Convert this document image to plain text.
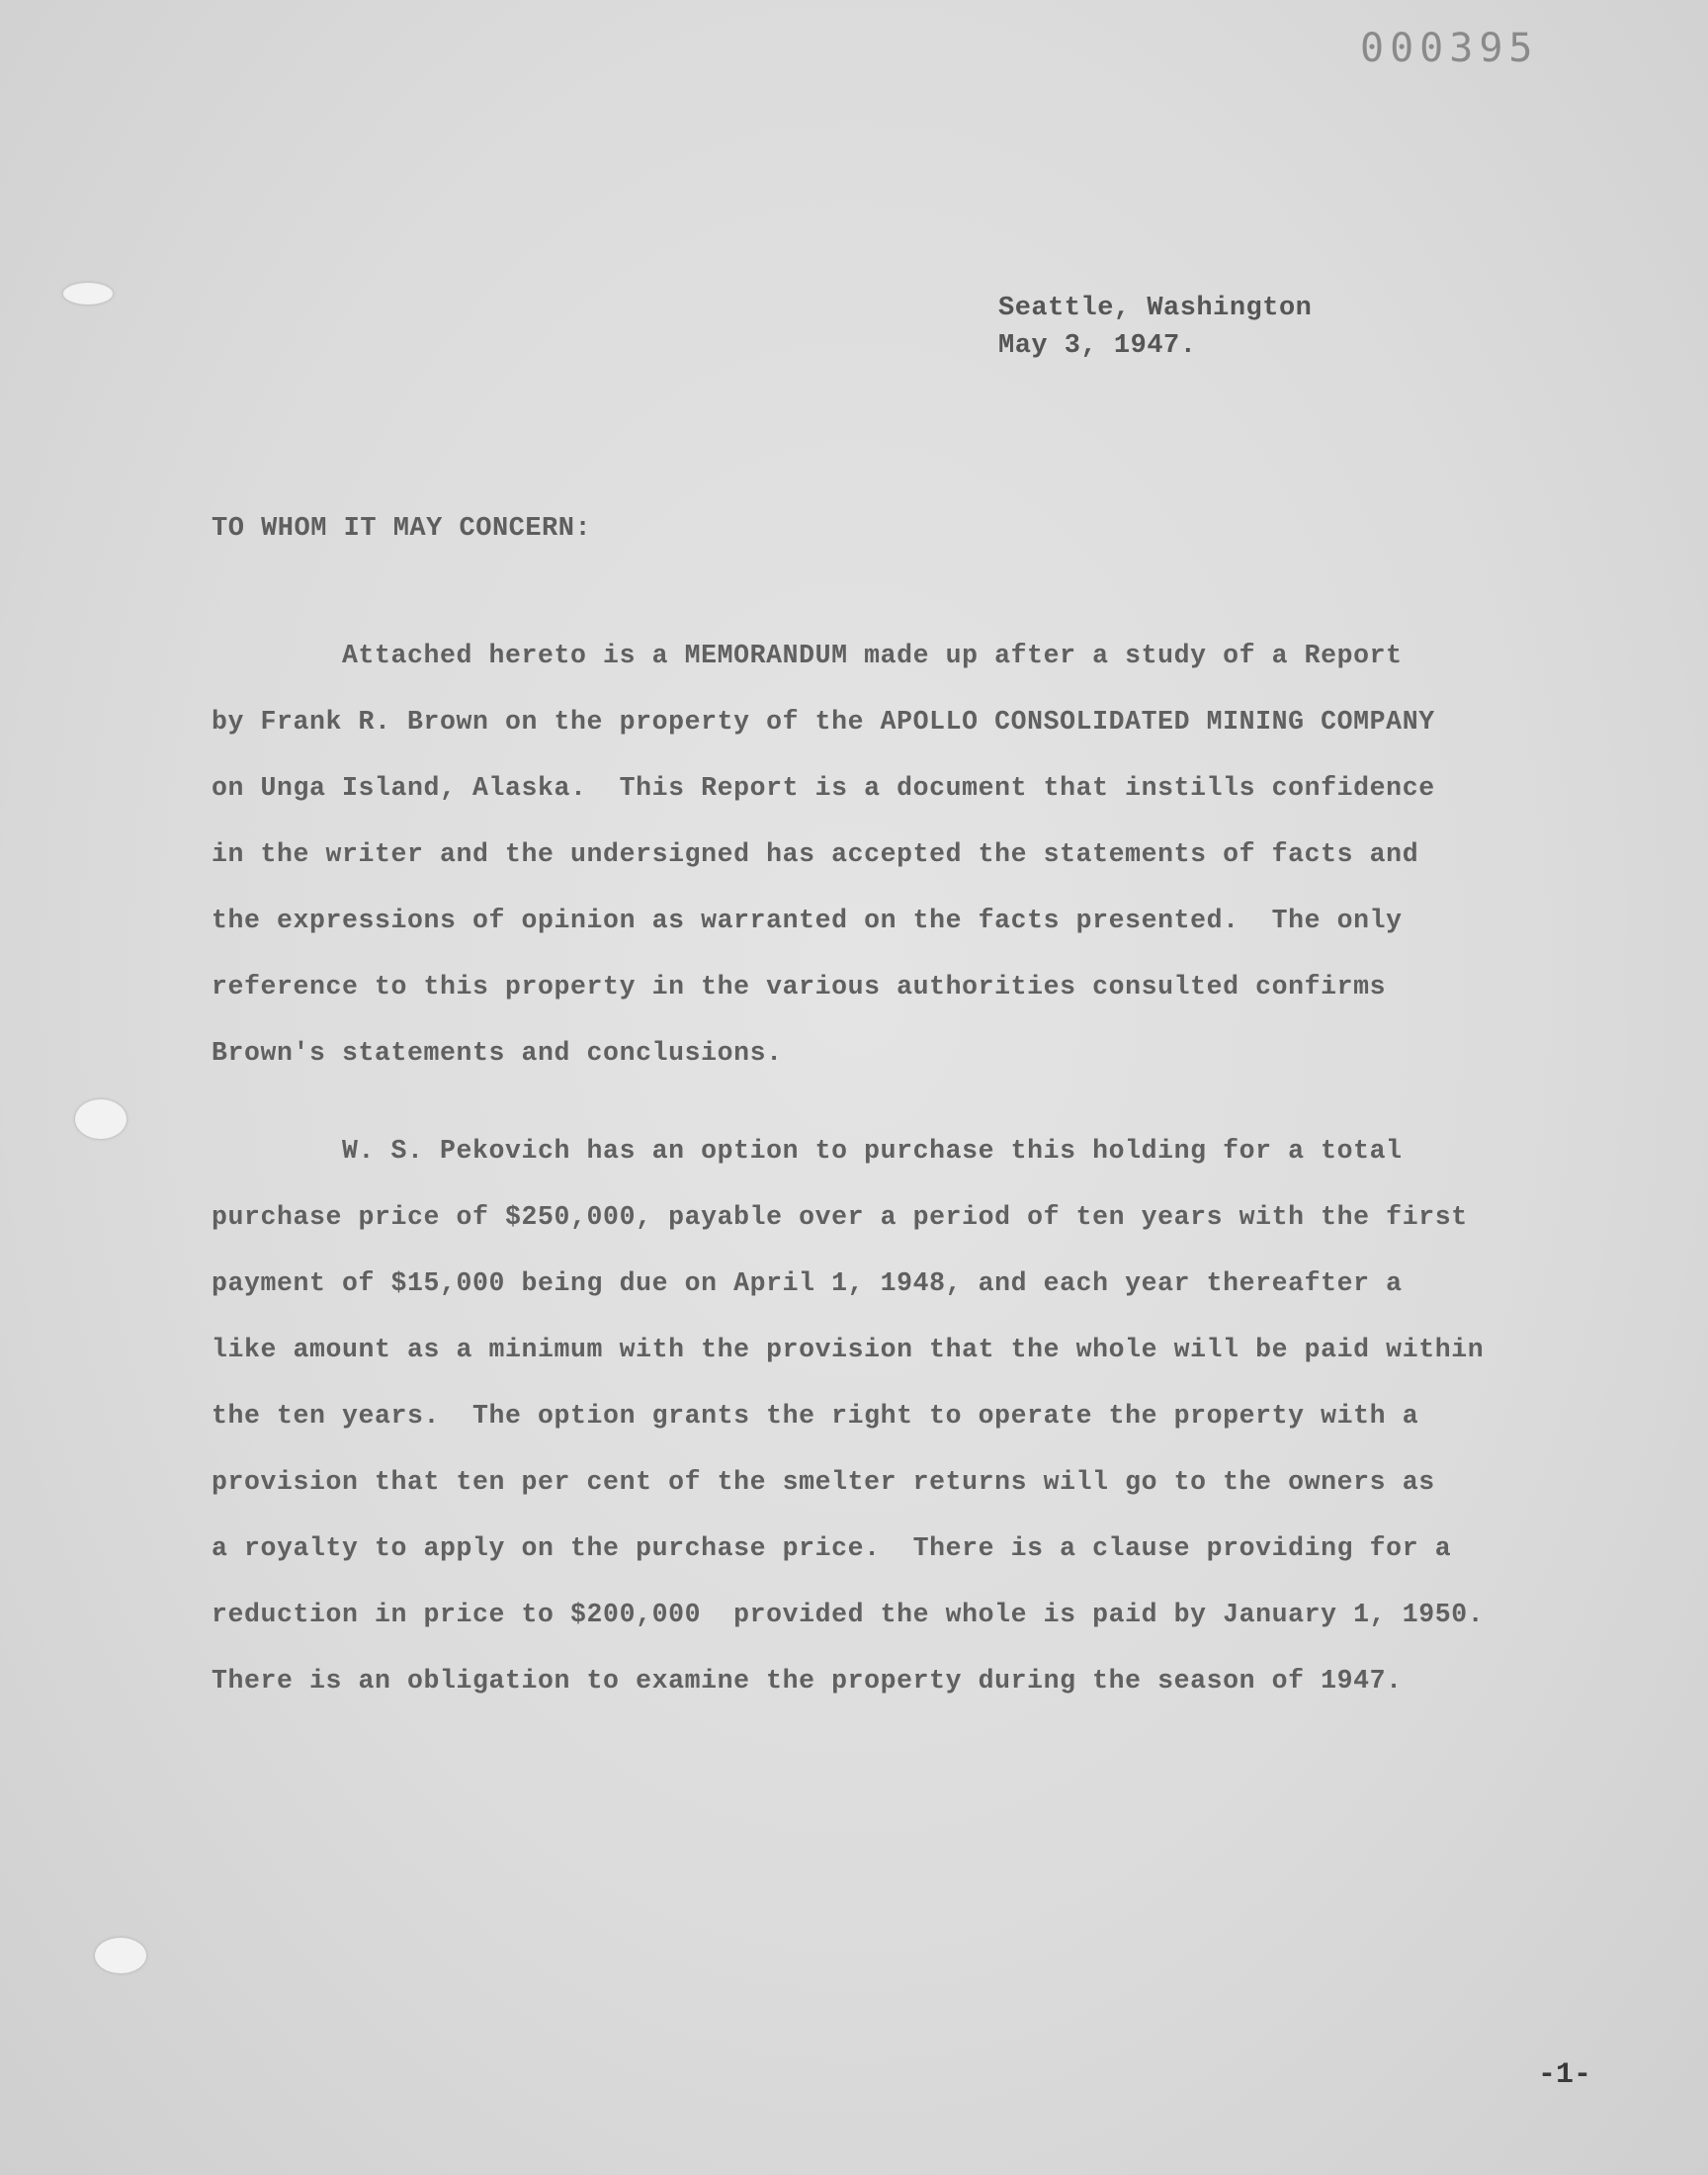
000395
Seattle, Washington
May 3, 1947.
TO WHOM IT MAY CONCERN:
Attached hereto is a MEMORANDUM made up after a study of a Report
by Frank R. Brown on the property of the APOLLO CONSOLIDATED MINING COMPANY
on Unga Island, Alaska.  This Report is a document that instills confidence
in the writer and the undersigned has accepted the statements of facts and
the expressions of opinion as warranted on the facts presented.  The only
reference to this property in the various authorities consulted confirms
Brown's statements and conclusions.
W. S. Pekovich has an option to purchase this holding for a total
purchase price of $250,000, payable over a period of ten years with the first
payment of $15,000 being due on April 1, 1948, and each year thereafter a
like amount as a minimum with the provision that the whole will be paid within
the ten years.  The option grants the right to operate the property with a
provision that ten per cent of the smelter returns will go to the owners as
a royalty to apply on the purchase price.  There is a clause providing for a
reduction in price to $200,000  provided the whole is paid by January 1, 1950.
There is an obligation to examine the property during the season of 1947.
-1-
